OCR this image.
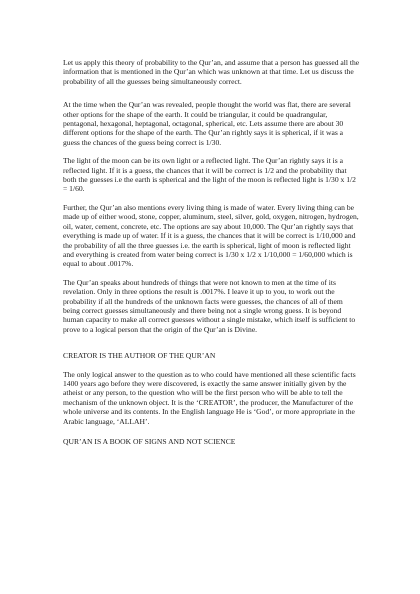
Let us apply this theory of probability to the Qur’an, and assume that a person has guessed all the information that is mentioned in the Qur’an which was unknown at that time. Let us discuss the probability of all the guesses being simultaneously correct.

At the time when the Qur’an was revealed, people thought the world was flat, there are several other options for the shape of the earth. It could be triangular, it could be quadrangular, pentagonal, hexagonal, heptagonal, octagonal, spherical, etc. Lets assume there are about 30 different options for the shape of the earth. The Qur’an rightly says it is spherical, if it was a guess the chances of the guess being correct is 1/30.

The light of the moon can be its own light or a reflected light. The Qur’an rightly says it is a reflected light. If it is a guess, the chances that it will be correct is 1/2 and the probability that both the guesses i.e the earth is spherical and the light of the moon is reflected light is 1/30 x 1/2 = 1/60.

Further, the Qur’an also mentions every living thing is made of water. Every living thing can be made up of either wood, stone, copper, aluminum, steel, silver, gold, oxygen, nitrogen, hydrogen, oil, water, cement, concrete, etc. The options are say about 10,000. The Qur’an rightly says that everything is made up of water. If it is a guess, the chances that it will be correct is 1/10,000 and the probability of all the three guesses i.e. the earth is spherical, light of moon is reflected light and everything is created from water being correct is 1/30 x 1/2 x 1/10,000 = 1/60,000 which is equal to about .0017%.

The Qur’an speaks about hundreds of things that were not known to men at the time of its revelation. Only in three options the result is .0017%. I leave it up to you, to work out the probability if all the hundreds of the unknown facts were guesses, the chances of all of them being correct guesses simultaneously and there being not a single wrong guess. It is beyond human capacity to make all correct guesses without a single mistake, which itself is sufficient to prove to a logical person that the origin of the Qur’an is Divine.

CREATOR IS THE AUTHOR OF THE QUR’AN

The only logical answer to the question as to who could have mentioned all these scientific facts 1400 years ago before they were discovered, is exactly the same answer initially given by the atheist or any person, to the question who will be the first person who will be able to tell the mechanism of the unknown object. It is the ‘CREATOR’, the producer, the Manufacturer of the whole universe and its contents. In the English language He is ‘God’, or more appropriate in the Arabic language, ‘ALLAH’.

QUR’AN IS A BOOK OF SIGNS AND NOT SCIENCE
